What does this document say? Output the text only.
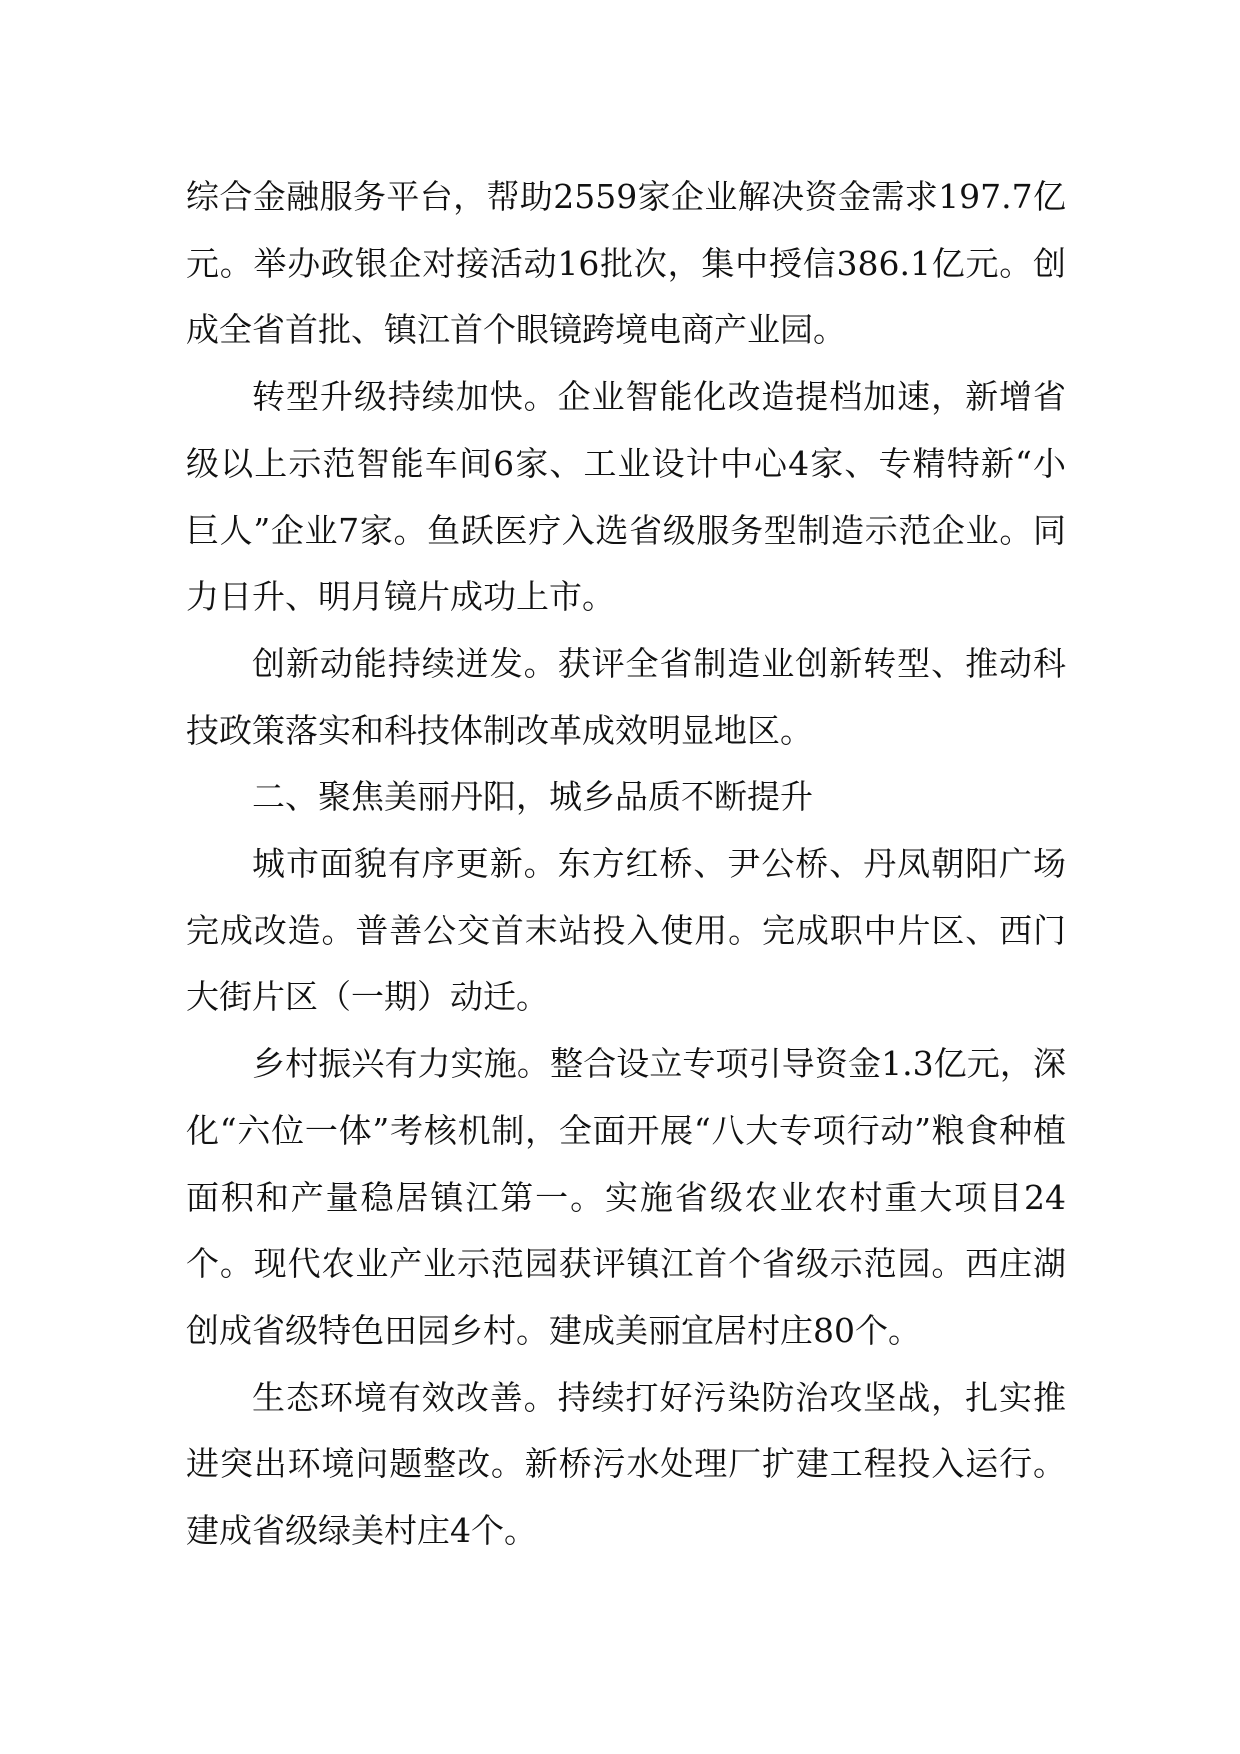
综合金融服务平台，帮助2559家企业解决资金需求197.7亿元。举办政银企对接活动16批次，集中授信386.1亿元。创成全省首批、镇江首个眼镜跨境电商产业园。

转型升级持续加快。企业智能化改造提档加速，新增省级以上示范智能车间6家、工业设计中心4家、专精特新“小巨人”企业7家。鱼跃医疗入选省级服务型制造示范企业。同力日升、明月镜片成功上市。

创新动能持续迸发。获评全省制造业创新转型、推动科技政策落实和科技体制改革成效明显地区。

二、聚焦美丽丹阳，城乡品质不断提升

城市面貌有序更新。东方红桥、尹公桥、丹凤朝阳广场完成改造。普善公交首末站投入使用。完成职中片区、西门大街片区（一期）动迁。

乡村振兴有力实施。整合设立专项引导资金1.3亿元，深化“六位一体”考核机制，全面开展“八大专项行动”粮食种植面积和产量稳居镇江第一。实施省级农业农村重大项目24个。现代农业产业示范园获评镇江首个省级示范园。西庄湖创成省级特色田园乡村。建成美丽宜居村庄80个。

生态环境有效改善。持续打好污染防治攻坚战，扎实推进突出环境问题整改。新桥污水处理厂扩建工程投入运行。建成省级绿美村庄4个。
